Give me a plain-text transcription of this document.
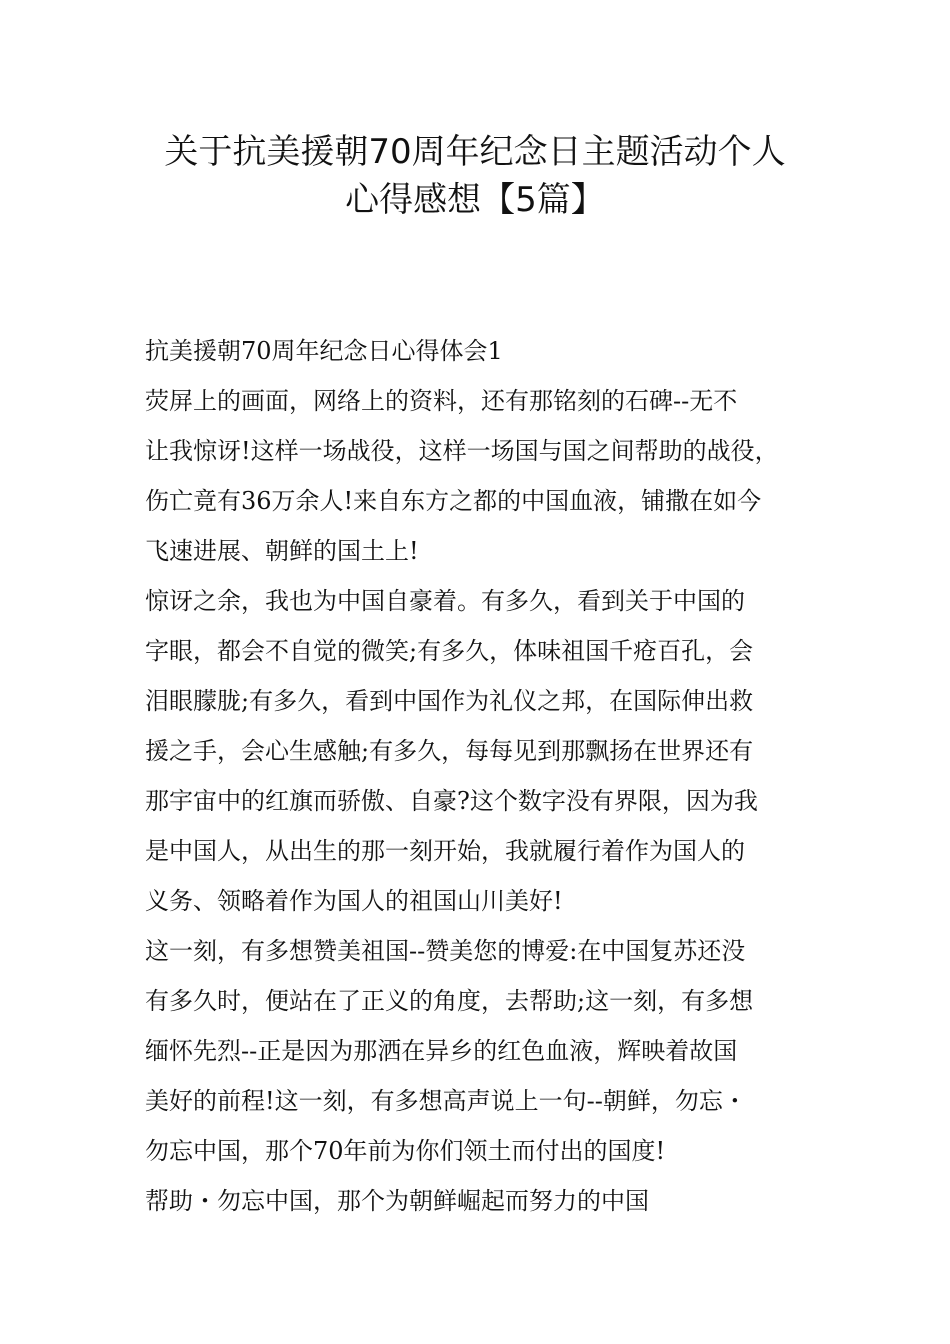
关于抗美援朝70周年纪念日主题活动个人
心得感想【5篇】
抗美援朝70周年纪念日心得体会1
荧屏上的画面，网络上的资料，还有那铭刻的石碑--无不
让我惊讶!这样一场战役，这样一场国与国之间帮助的战役，
伤亡竟有36万余人!来自东方之都的中国血液，铺撒在如今
飞速进展、朝鲜的国土上!
惊讶之余，我也为中国自豪着。有多久，看到关于中国的
字眼，都会不自觉的微笑;有多久，体味祖国千疮百孔，会
泪眼朦胧;有多久，看到中国作为礼仪之邦，在国际伸出救
援之手，会心生感触;有多久，每每见到那飘扬在世界还有
那宇宙中的红旗而骄傲、自豪?这个数字没有界限，因为我
是中国人，从出生的那一刻开始，我就履行着作为国人的
义务、领略着作为国人的祖国山川美好!
这一刻，有多想赞美祖国--赞美您的博爱:在中国复苏还没
有多久时，便站在了正义的角度，去帮助;这一刻，有多想
缅怀先烈--正是因为那洒在异乡的红色血液，辉映着故国
美好的前程!这一刻，有多想高声说上一句--朝鲜，勿忘・
勿忘中国，那个70年前为你们领土而付出的国度!
帮助・勿忘中国，那个为朝鲜崛起而努力的中国
